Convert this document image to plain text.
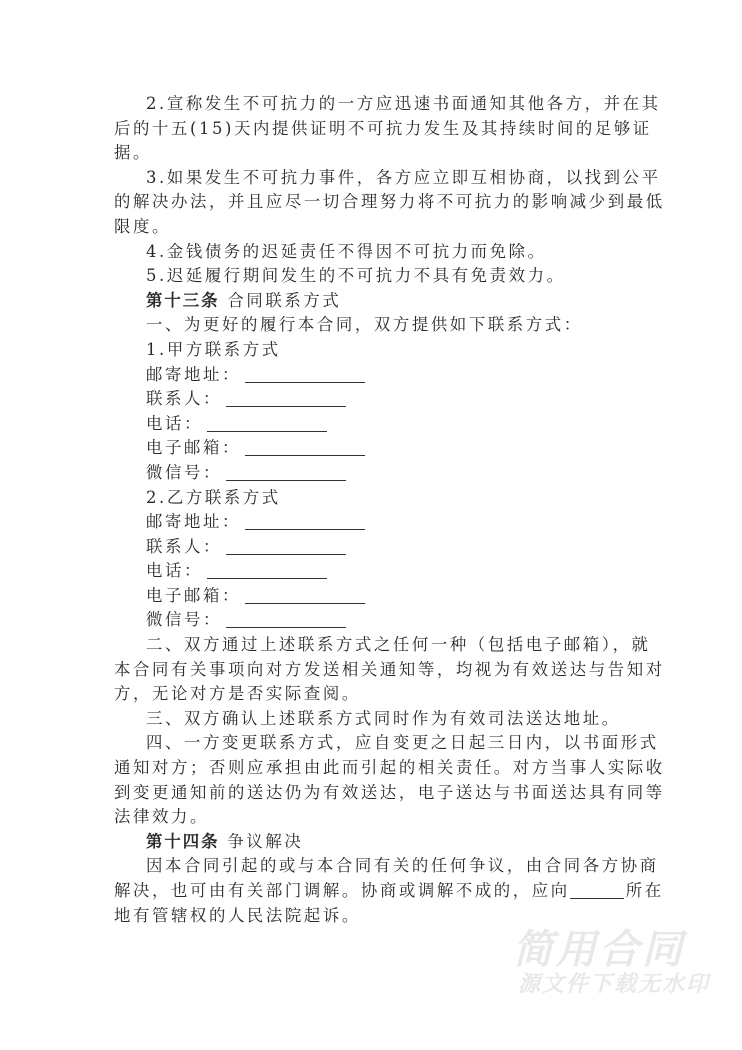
2.宣称发生不可抗力的一方应迅速书面通知其他各方，并在其
后的十五(15)天内提供证明不可抗力发生及其持续时间的足够证
据。
3.如果发生不可抗力事件，各方应立即互相协商，以找到公平
的解决办法，并且应尽一切合理努力将不可抗力的影响减少到最低
限度。
4.金钱债务的迟延责任不得因不可抗力而免除。
5.迟延履行期间发生的不可抗力不具有免责效力。
第十三条 合同联系方式
一、为更好的履行本合同，双方提供如下联系方式：
1.甲方联系方式
邮寄地址：
联系人：
电话：
电子邮箱：
微信号：
2.乙方联系方式
邮寄地址：
联系人：
电话：
电子邮箱：
微信号：
二、双方通过上述联系方式之任何一种（包括电子邮箱），就
本合同有关事项向对方发送相关通知等，均视为有效送达与告知对
方，无论对方是否实际查阅。
三、双方确认上述联系方式同时作为有效司法送达地址。
四、一方变更联系方式，应自变更之日起三日内，以书面形式
通知对方；否则应承担由此而引起的相关责任。对方当事人实际收
到变更通知前的送达仍为有效送达，电子送达与书面送达具有同等
法律效力。
第十四条 争议解决
因本合同引起的或与本合同有关的任何争议，由合同各方协商
解决，也可由有关部门调解。协商或调解不成的，应向	所在
地有管辖权的人民法院起诉。
简用合同
源文件下载无水印
